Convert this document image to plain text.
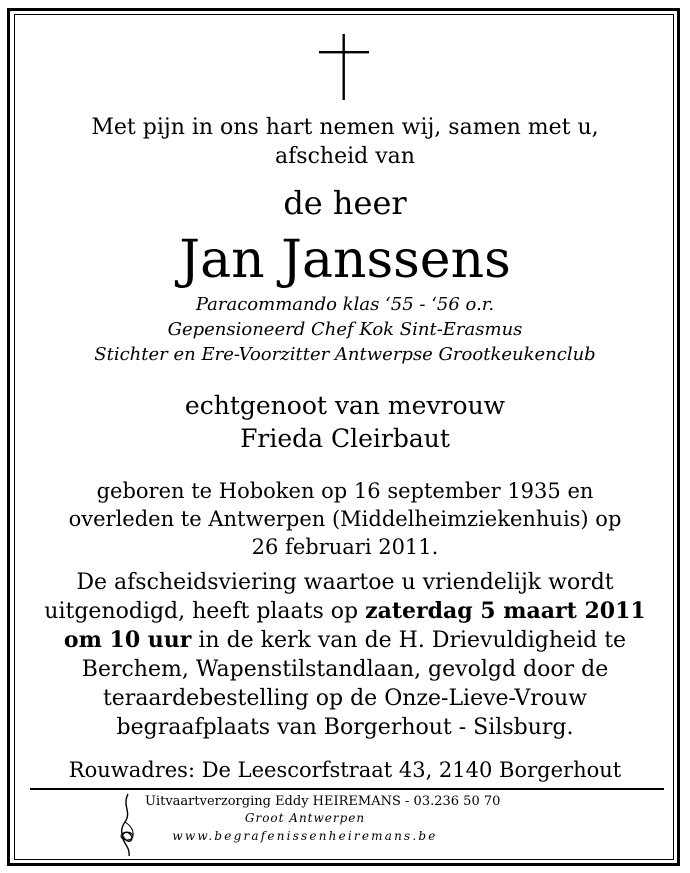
Met pijn in ons hart nemen wij, samen met u,
afscheid van
de heer
Jan Janssens
Paracommando klas ‘55 - ‘56 o.r.
Gepensioneerd Chef Kok Sint-Erasmus
Stichter en Ere-Voorzitter Antwerpse Grootkeukenclub
echtgenoot van mevrouw
Frieda Cleirbaut
geboren te Hoboken op 16 september 1935 en
overleden te Antwerpen (Middelheimziekenhuis) op
26 februari 2011.
De afscheidsviering waartoe u vriendelijk wordt
uitgenodigd, heeft plaats op zaterdag 5 maart 2011
om 10 uur in de kerk van de H. Drievuldigheid te
Berchem, Wapenstilstandlaan, gevolgd door de
teraardebestelling op de Onze-Lieve-Vrouw
begraafplaats van Borgerhout - Silsburg.
Rouwadres: De Leescorfstraat 43, 2140 Borgerhout
Uitvaartverzorging Eddy HEIREMANS - 03.236 50 70
Groot Antwerpen
www.begrafenissenheiremans.be
